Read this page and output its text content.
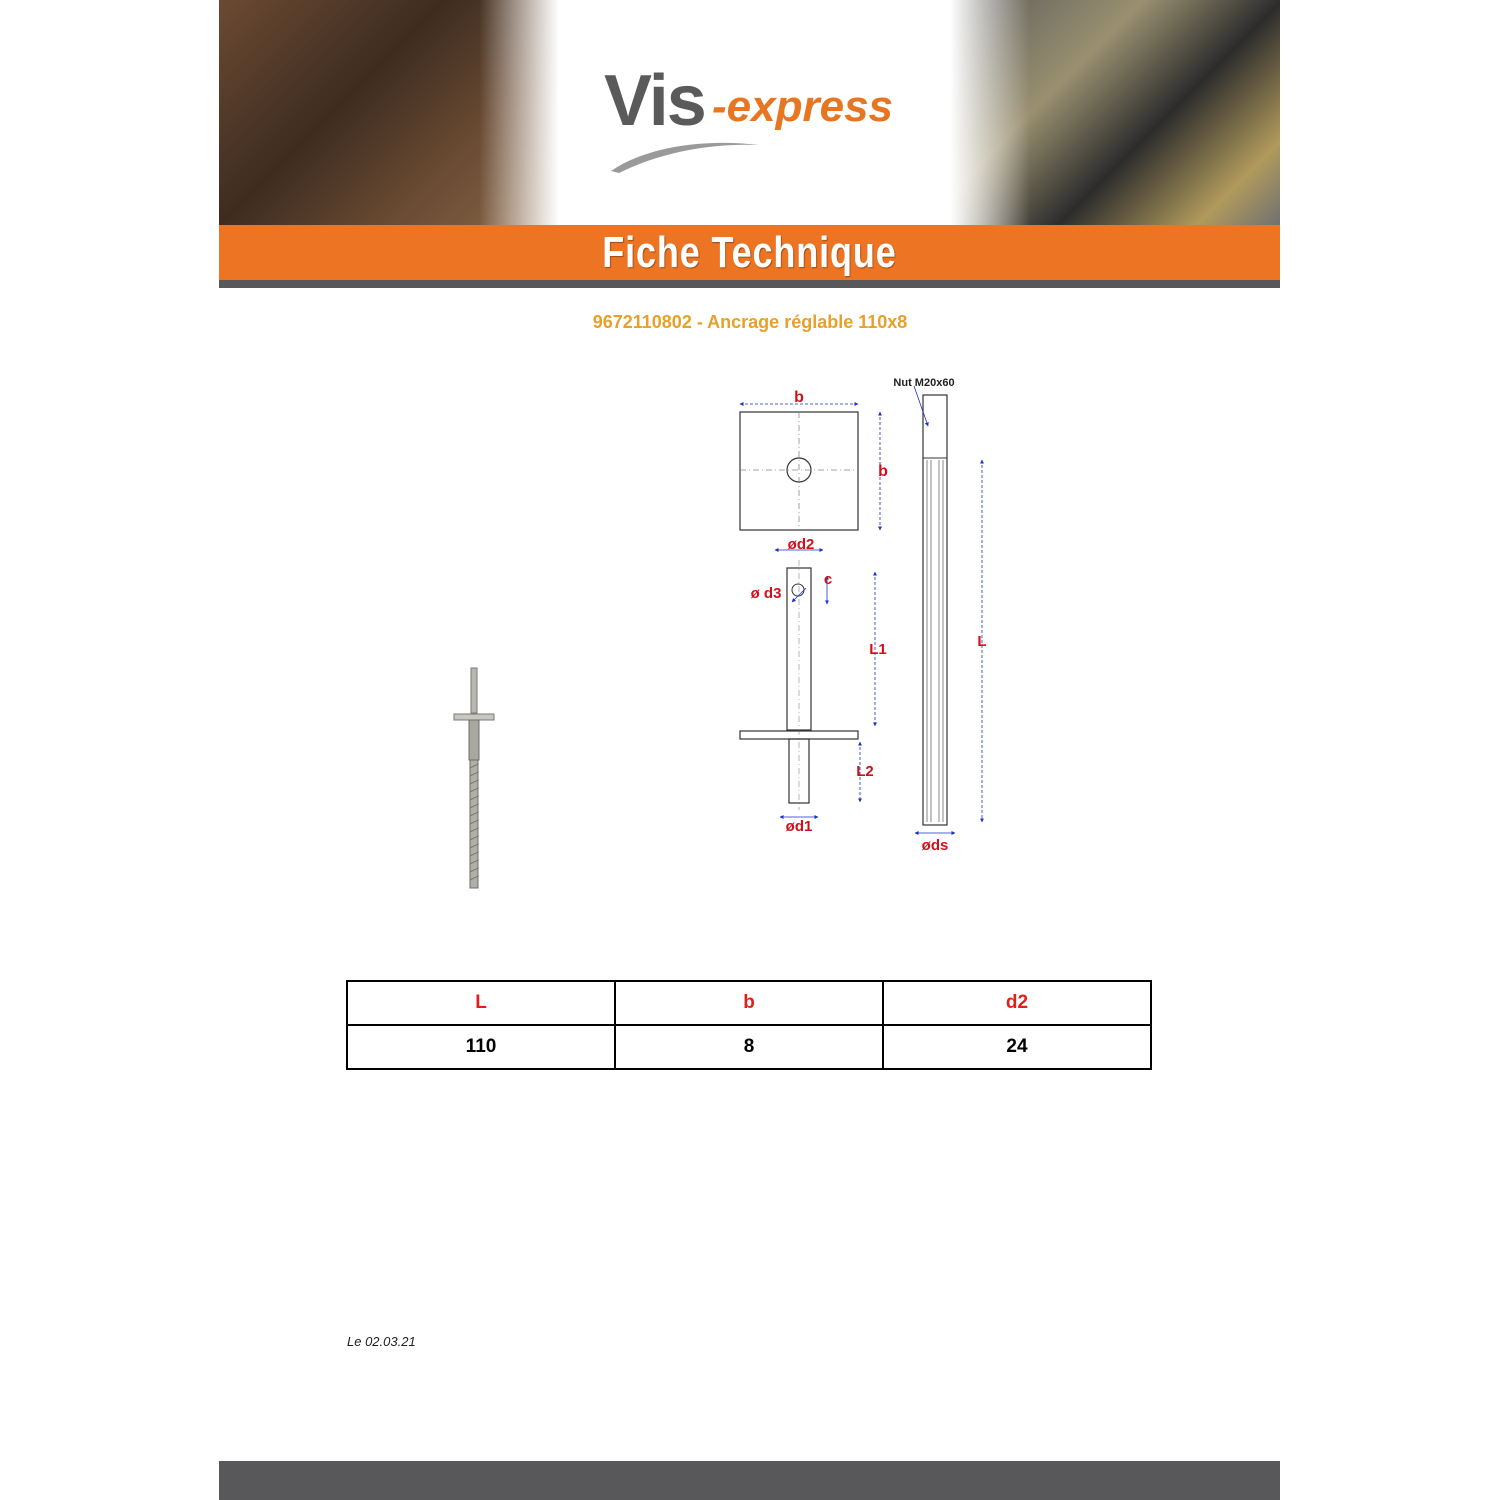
Vis -express
Fiche Technique
9672110802 - Ancrage réglable 110x8
Nut M20x60
b
b
ød2
c
ø d3
L1
L2
ød1
L
øds
L	b	d2
110	8	24
Le 02.03.21
